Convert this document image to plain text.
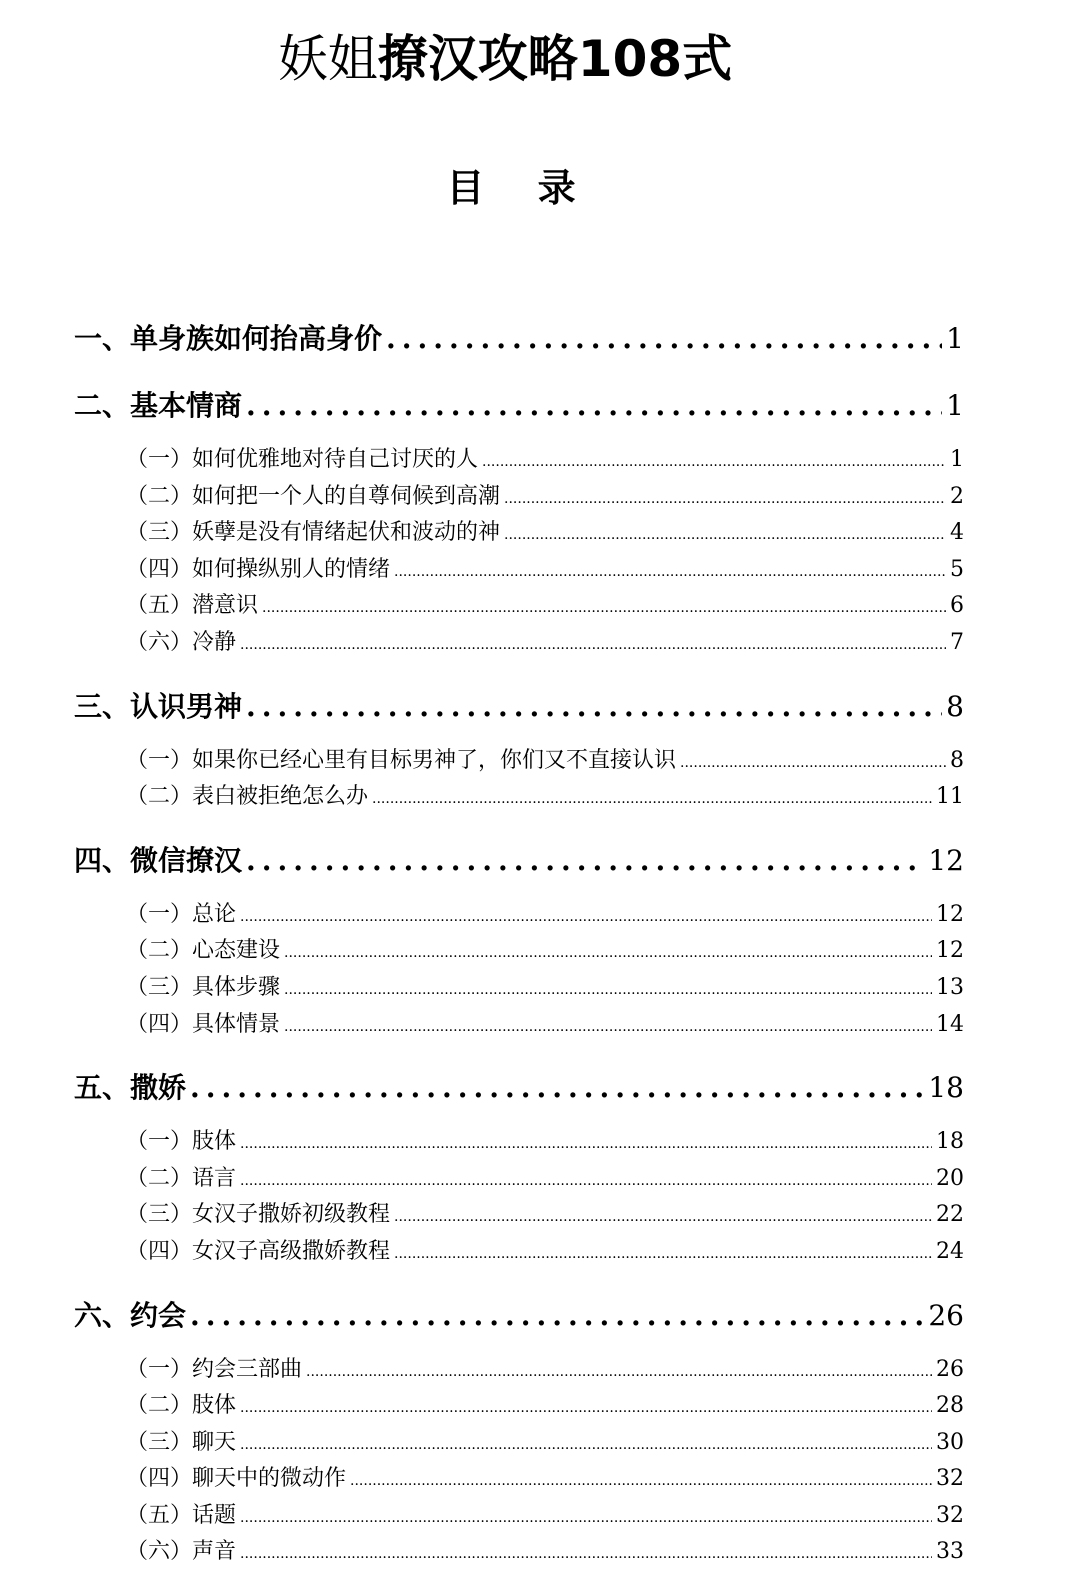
妖姐撩汉攻略108式
目 录
一、单身族如何抬高身价 .....	1
二、基本情商 .....	1
（一）如何优雅地对待自己讨厌的人 .....	1
（二）如何把一个人的自尊伺候到高潮 .....	2
（三）妖孽是没有情绪起伏和波动的神 .....	4
（四）如何操纵别人的情绪 .....	5
（五）潜意识 .....	6
（六）冷静 .....	7
三、认识男神 .....	8
（一）如果你已经心里有目标男神了，你们又不直接认识 .....	8
（二）表白被拒绝怎么办 .....	11
四、微信撩汉 .....	12
（一）总论 .....	12
（二）心态建设 .....	12
（三）具体步骤 .....	13
（四）具体情景 .....	14
五、撒娇 .....	18
（一）肢体 .....	18
（二）语言 .....	20
（三）女汉子撒娇初级教程 .....	22
（四）女汉子高级撒娇教程 .....	24
六、约会 .....	26
（一）约会三部曲 .....	26
（二）肢体 .....	28
（三）聊天 .....	30
（四）聊天中的微动作 .....	32
（五）话题 .....	32
（六）声音 .....	33
